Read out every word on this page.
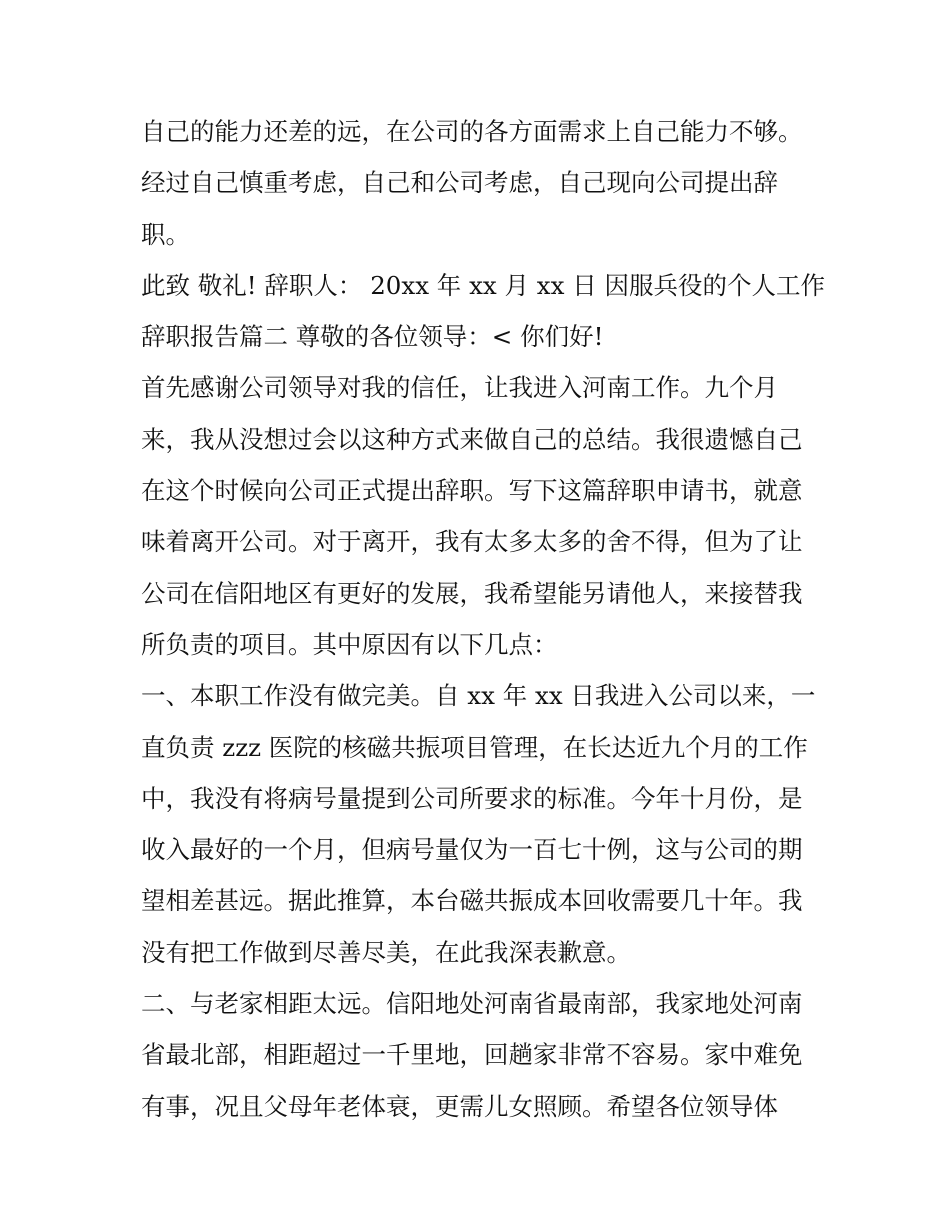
自己的能力还差的远，在公司的各方面需求上自己能力不够。
经过自己慎重考虑，自己和公司考虑，自己现向公司提出辞
职。
此致 敬礼! 辞职人： 20xx 年 xx 月 xx 日 因服兵役的个人工作
辞职报告篇二 尊敬的各位领导：< 你们好!
首先感谢公司领导对我的信任，让我进入河南工作。九个月
来，我从没想过会以这种方式来做自己的总结。我很遗憾自己
在这个时候向公司正式提出辞职。写下这篇辞职申请书，就意
味着离开公司。对于离开，我有太多太多的舍不得，但为了让
公司在信阳地区有更好的发展，我希望能另请他人，来接替我
所负责的项目。其中原因有以下几点：
一、本职工作没有做完美。自 xx 年 xx 日我进入公司以来，一
直负责 zzz 医院的核磁共振项目管理，在长达近九个月的工作
中，我没有将病号量提到公司所要求的标准。今年十月份，是
收入最好的一个月，但病号量仅为一百七十例，这与公司的期
望相差甚远。据此推算，本台磁共振成本回收需要几十年。我
没有把工作做到尽善尽美，在此我深表歉意。
二、与老家相距太远。信阳地处河南省最南部，我家地处河南
省最北部，相距超过一千里地，回趟家非常不容易。家中难免
有事，况且父母年老体衰，更需儿女照顾。希望各位领导体
